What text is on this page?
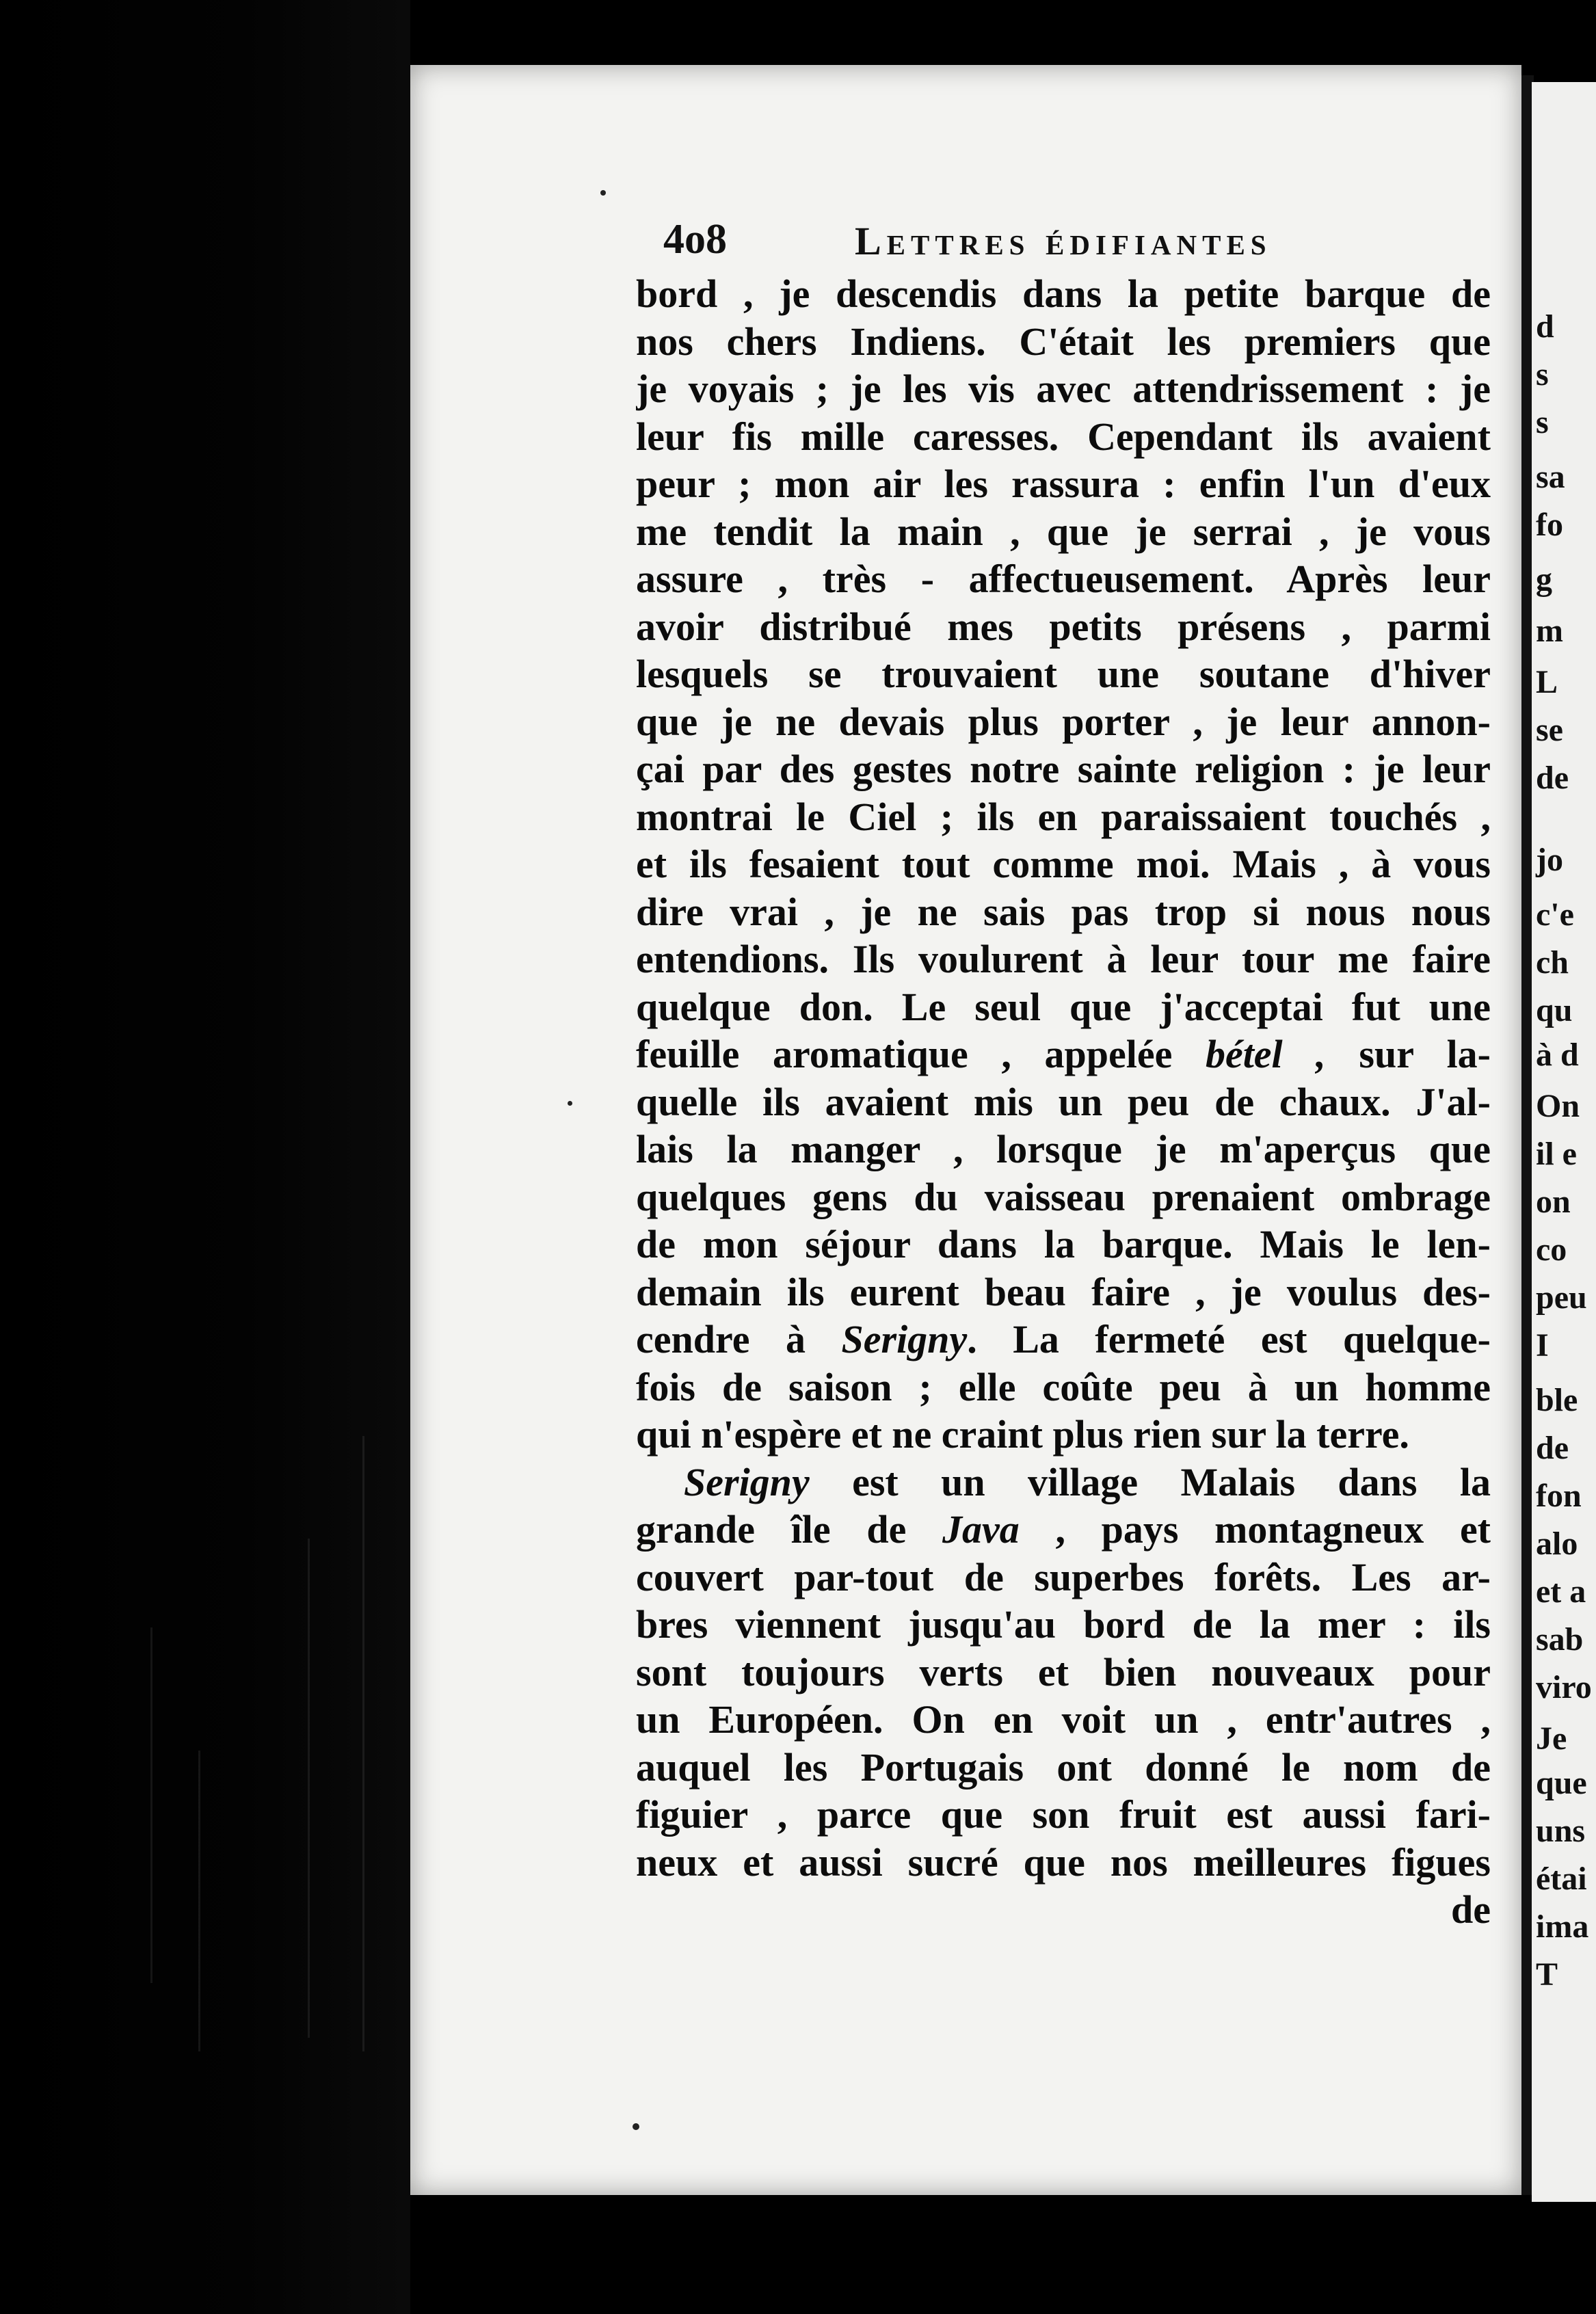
d
s
s
sa
fo
g
m
L
se
de
jo
c'e
ch
qu
à d
On
il e
on
co
peu
I
ble
de
fon
alo
et a
sab
viro
Je
que
uns
étai
ima
T
4o8	Lettres édifiantes
bord , je descendis dans la petite barque de
nos chers Indiens. C'était les premiers que
je voyais ; je les vis avec attendrissement : je
leur fis mille caresses. Cependant ils avaient
peur ; mon air les rassura : enfin l'un d'eux
me tendit la main , que je serrai , je vous
assure , très - affectueusement. Après leur
avoir distribué mes petits présens , parmi
lesquels se trouvaient une soutane d'hiver
que je ne devais plus porter , je leur annon-
çai par des gestes notre sainte religion : je leur
montrai le Ciel ; ils en paraissaient touchés ,
et ils fesaient tout comme moi. Mais , à vous
dire vrai , je ne sais pas trop si nous nous
entendions. Ils voulurent à leur tour me faire
quelque don. Le seul que j'acceptai fut une
feuille aromatique , appelée bétel , sur la-
quelle ils avaient mis un peu de chaux. J'al-
lais la manger , lorsque je m'aperçus que
quelques gens du vaisseau prenaient ombrage
de mon séjour dans la barque. Mais le len-
demain ils eurent beau faire , je voulus des-
cendre à Serigny. La fermeté est quelque-
fois de saison ; elle coûte peu à un homme
qui n'espère et ne craint plus rien sur la terre.
Serigny est un village Malais dans la
grande île de Java , pays montagneux et
couvert par-tout de superbes forêts. Les ar-
bres viennent jusqu'au bord de la mer : ils
sont toujours verts et bien nouveaux pour
un Européen. On en voit un , entr'autres ,
auquel les Portugais ont donné le nom de
figuier , parce que son fruit est aussi fari-
neux et aussi sucré que nos meilleures figues
de
